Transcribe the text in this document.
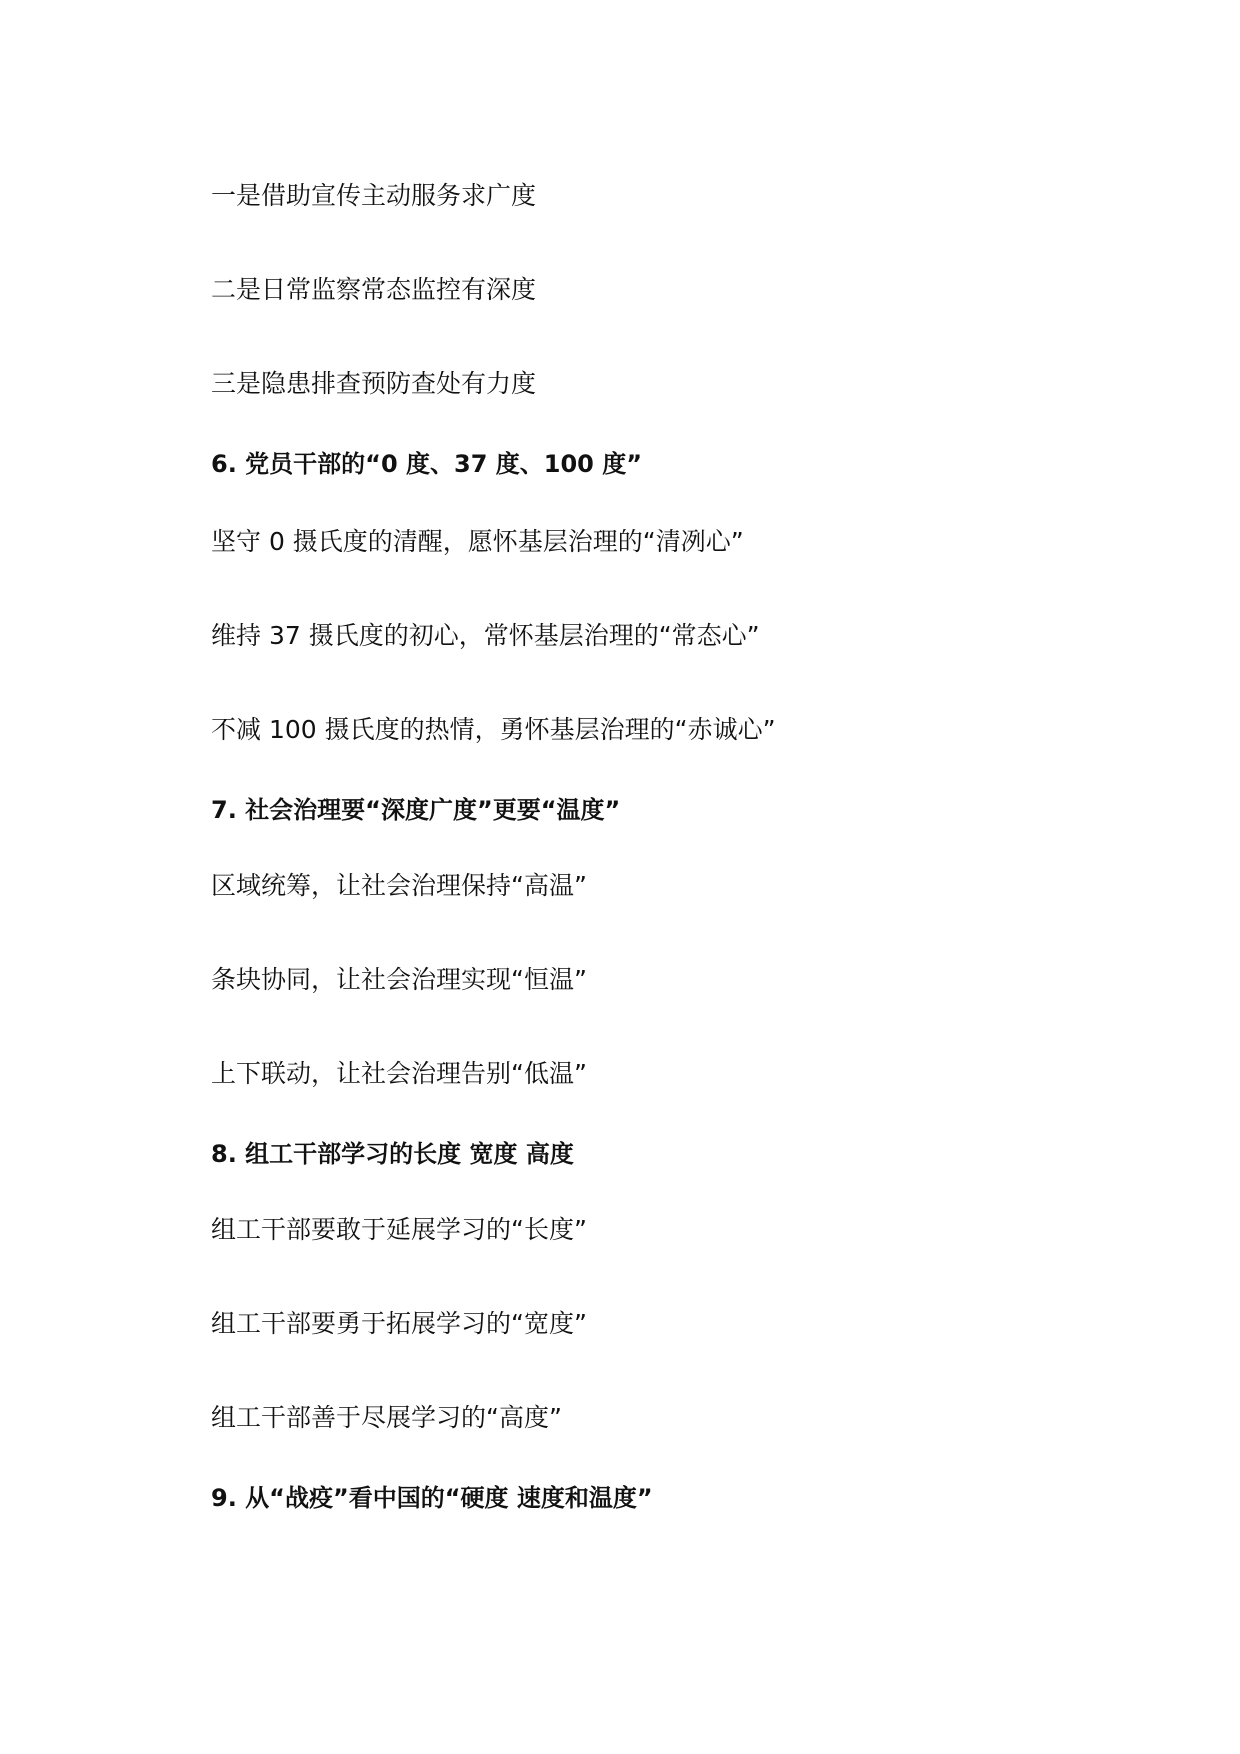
一是借助宣传主动服务求广度
二是日常监察常态监控有深度
三是隐患排查预防查处有力度
6. 党员干部的“0 度、37 度、100 度”
坚守 0 摄氏度的清醒，愿怀基层治理的“清冽心”
维持 37 摄氏度的初心，常怀基层治理的“常态心”
不减 100 摄氏度的热情，勇怀基层治理的“赤诚心”
7. 社会治理要“深度广度”更要“温度”
区域统筹，让社会治理保持“高温”
条块协同，让社会治理实现“恒温”
上下联动，让社会治理告别“低温”
8. 组工干部学习的长度 宽度 高度
组工干部要敢于延展学习的“长度”
组工干部要勇于拓展学习的“宽度”
组工干部善于尽展学习的“高度”
9. 从“战疫”看中国的“硬度 速度和温度”
